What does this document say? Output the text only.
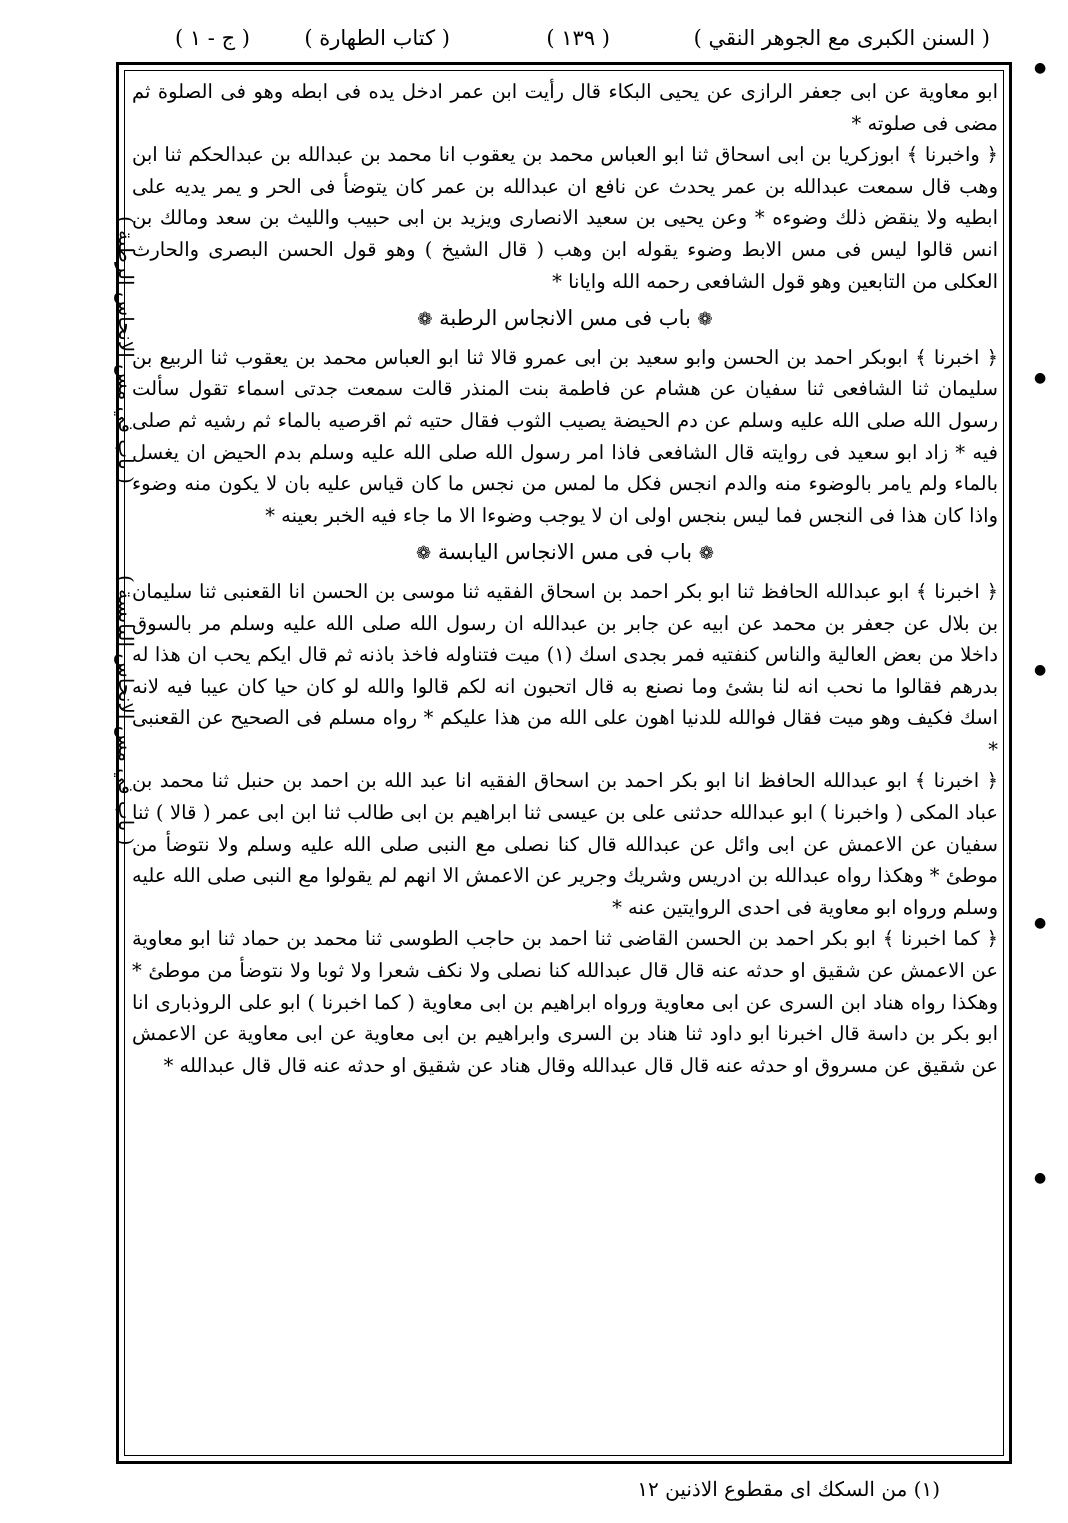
( السنن الكبرى مع الجوهر النقي )
( ١٣٩ )
( كتاب الطهارة )
( ج - ١ )
( باب في مس الانجاس الرطبة )
( باب في مس الانجاس اليابسة )
●
●
●
●
●

ابو معاوية عن ابى جعفر الرازى عن يحيى البكاء قال رأيت ابن عمر ادخل يده فى ابطه وهو فى الصلوة ثم مضى فى صلوته *

﴿ واخبرنا ﴾ ابوزكريا بن ابى اسحاق ثنا ابو العباس محمد بن يعقوب انا محمد بن عبدالله بن عبدالحكم ثنا ابن وهب قال سمعت عبدالله بن عمر يحدث عن نافع ان عبدالله بن عمر كان يتوضأ فى الحر و يمر يديه على ابطيه ولا ينقض ذلك وضوءه * وعن يحيى بن سعيد الانصارى ويزيد بن ابى حبيب والليث بن سعد ومالك بن انس قالوا ليس فى مس الابط وضوء يقوله ابن وهب ( قال الشيخ ) وهو قول الحسن البصرى والحارث العكلى من التابعين وهو قول الشافعى رحمه الله وايانا *

❁ باب فى مس الانجاس الرطبة ❁

﴿ اخبرنا ﴾ ابوبكر احمد بن الحسن وابو سعيد بن ابى عمرو قالا ثنا ابو العباس محمد بن يعقوب ثنا الربيع بن سليمان ثنا الشافعى ثنا سفيان عن هشام عن فاطمة بنت المنذر قالت سمعت جدتى اسماء تقول سألت رسول الله صلى الله عليه وسلم عن دم الحيضة يصيب الثوب فقال حتيه ثم اقرصيه بالماء ثم رشيه ثم صلى فيه * زاد ابو سعيد فى روايته قال الشافعى فاذا امر رسول الله صلى الله عليه وسلم بدم الحيض ان يغسل بالماء ولم يامر بالوضوء منه والدم انجس فكل ما لمس من نجس ما كان قياس عليه بان لا يكون منه وضوء واذا كان هذا فى النجس فما ليس بنجس اولى ان لا يوجب وضوءا الا ما جاء فيه الخبر بعينه *

❁ باب فى مس الانجاس اليابسة ❁

﴿ اخبرنا ﴾ ابو عبدالله الحافظ ثنا ابو بكر احمد بن اسحاق الفقيه ثنا موسى بن الحسن انا القعنبى ثنا سليمان بن بلال عن جعفر بن محمد عن ابيه عن جابر بن عبدالله ان رسول الله صلى الله عليه وسلم مر بالسوق داخلا من بعض العالية والناس كنفتيه فمر بجدى اسك (١) ميت فتناوله فاخذ باذنه ثم قال ايكم يحب ان هذا له بدرهم فقالوا ما نحب انه لنا بشئ وما نصنع به قال اتحبون انه لكم قالوا والله لو كان حيا كان عيبا فيه لانه اسك فكيف وهو ميت فقال فوالله للدنيا اهون على الله من هذا عليكم * رواه مسلم فى الصحيح عن القعنبى *

﴿ اخبرنا ﴾ ابو عبدالله الحافظ انا ابو بكر احمد بن اسحاق الفقيه انا عبد الله بن احمد بن حنبل ثنا محمد بن عباد المكى ( واخبرنا ) ابو عبدالله حدثنى على بن عيسى ثنا ابراهيم بن ابى طالب ثنا ابن ابى عمر ( قالا ) ثنا سفيان عن الاعمش عن ابى وائل عن عبدالله قال كنا نصلى مع النبى صلى الله عليه وسلم ولا نتوضأ من موطئ * وهكذا رواه عبدالله بن ادريس وشريك وجرير عن الاعمش الا انهم لم يقولوا مع النبى صلى الله عليه وسلم ورواه ابو معاوية فى احدى الروايتين عنه *

﴿ كما اخبرنا ﴾ ابو بكر احمد بن الحسن القاضى ثنا احمد بن حاجب الطوسى ثنا محمد بن حماد ثنا ابو معاوية عن الاعمش عن شقيق او حدثه عنه قال قال عبدالله كنا نصلى ولا نكف شعرا ولا ثوبا ولا نتوضأ من موطئ * وهكذا رواه هناد ابن السرى عن ابى معاوية ورواه ابراهيم بن ابى معاوية ( كما اخبرنا ) ابو على الروذبارى انا ابو بكر بن داسة قال اخبرنا ابو داود ثنا هناد بن السرى وابراهيم بن ابى معاوية عن ابى معاوية عن الاعمش عن شقيق عن مسروق او حدثه عنه قال قال عبدالله وقال هناد عن شقيق او حدثه عنه قال قال عبدالله *

(١) من السكك اى مقطوع الاذنين ١٢
